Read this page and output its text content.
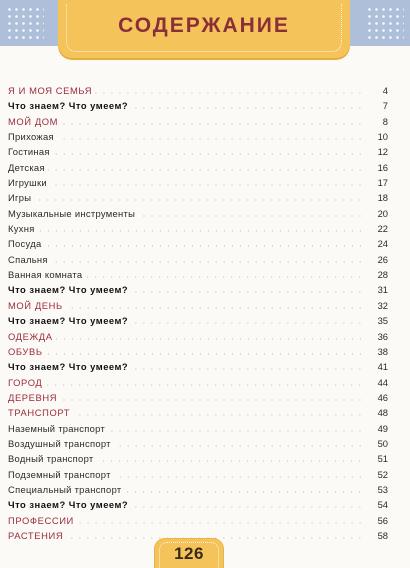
СОДЕРЖАНИЕ
Я И МОЯ СЕМЬЯ	4
Что знаем? Что умеем?	7
МОЙ ДОМ	8
Прихожая	10
Гостиная	12
Детская	16
Игрушки	17
Игры	18
Музыкальные инструменты	20
Кухня	22
Посуда	24
Спальня	26
Ванная комната	28
Что знаем? Что умеем?	31
МОЙ ДЕНЬ	32
Что знаем? Что умеем?	35
ОДЕЖДА	36
ОБУВЬ	38
Что знаем? Что умеем?	41
ГОРОД	44
ДЕРЕВНЯ	46
ТРАНСПОРТ	48
Наземный транспорт	49
Воздушный транспорт	50
Водный транспорт	51
Подземный транспорт	52
Специальный транспорт	53
Что знаем? Что умеем?	54
ПРОФЕССИИ	56
РАСТЕНИЯ	58
126
